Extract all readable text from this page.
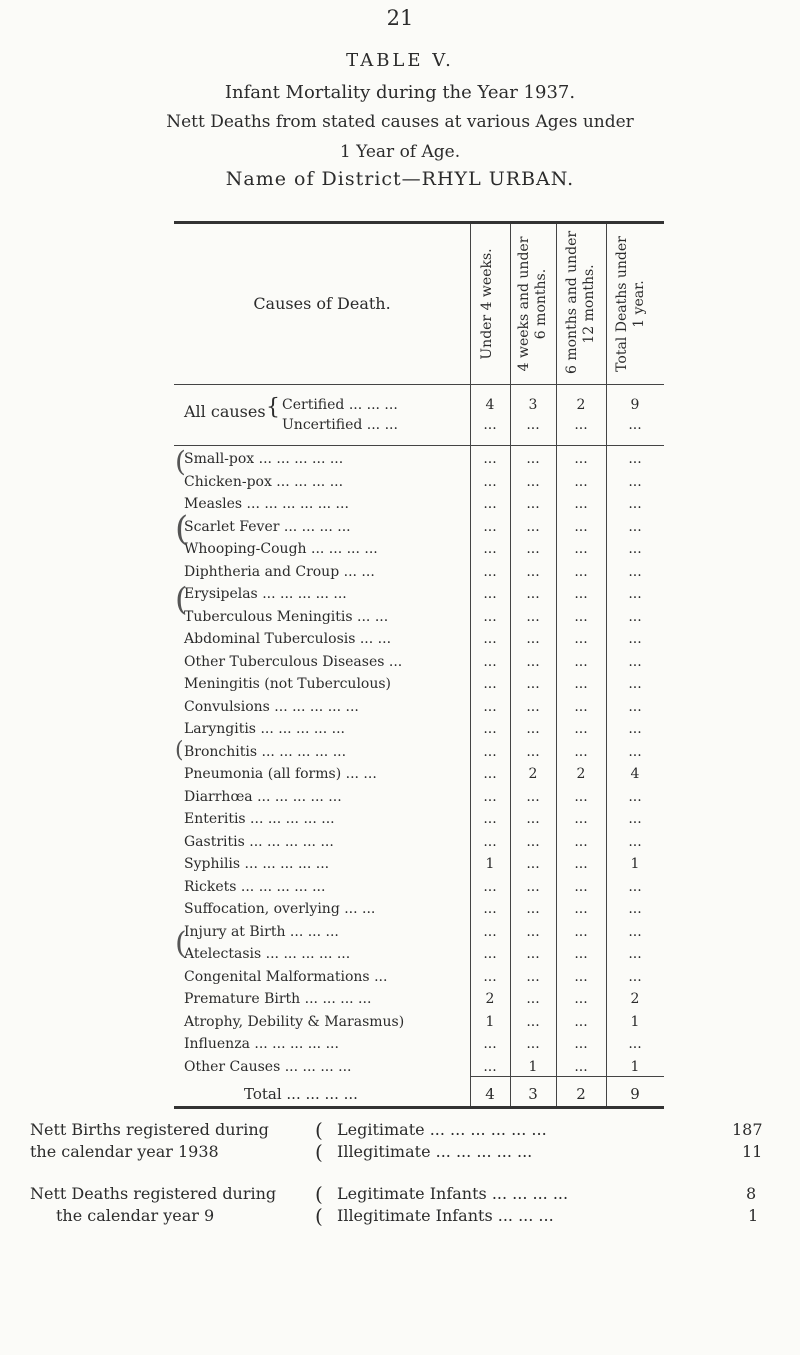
21
TABLE V.
Infant Mortality during the Year 1937.
Nett Deaths from stated causes at various Ages under
1 Year of Age.
Name of District—RHYL URBAN.
Causes of Death.	Under 4 weeks. 4 weeks and under 6 months. 6 months and under 12 months. Total Deaths under 1 year.
All causes { Certified ... ... ...	4	3	2	9
Uncertified ... ...	...	...	...	...
Small-pox ... ... ... ... ...	...	...	...	...
Chicken-pox ... ... ... ...	...	...	...	...
Measles ... ... ... ... ... ...	...	...	...	...
Scarlet Fever ... ... ... ...	...	...	...	...
Whooping-Cough ... ... ... ...	...	...	...	...
Diphtheria and Croup ... ...	...	...	...	...
Erysipelas ... ... ... ... ...	...	...	...	...
Tuberculous Meningitis ... ...	...	...	...	...
Abdominal Tuberculosis ... ...	...	...	...	...
Other Tuberculous Diseases ...	...	...	...	...
Meningitis (not Tuberculous)	...	...	...	...
Convulsions ... ... ... ... ...	...	...	...	...
Laryngitis ... ... ... ... ...	...	...	...	...
Bronchitis ... ... ... ... ...	...	...	...	...
Pneumonia (all forms) ... ...	...	2	2	4
Diarrhœa ... ... ... ... ...	...	...	...	...
Enteritis ... ... ... ... ...	...	...	...	...
Gastritis ... ... ... ... ...	...	...	...	...
Syphilis ... ... ... ... ...	1	...	...	1
Rickets ... ... ... ... ...	...	...	...	...
Suffocation, overlying ... ...	...	...	...	...
Injury at Birth ... ... ...	...	...	...	...
Atelectasis ... ... ... ... ...	...	...	...	...
Congenital Malformations ...	...	...	...	...
Premature Birth ... ... ... ...	2	...	...	2
Atrophy, Debility & Marasmus)	1	...	...	1
Influenza ... ... ... ... ...	...	...	...	...
Other Causes ... ... ... ...	...	1	...	1
(
(
(
(
(
Total ... ... ... ...	4	3	2	9
Nett Births registered during
the calendar year 1938
(
(
Legitimate ... ... ... ... ... ...	187
Illegitimate ... ... ... ... ...	11
Nett Deaths registered during
the calendar year 9
(
(
Legitimate Infants ... ... ... ...	8
Illegitimate Infants ... ... ...	1
